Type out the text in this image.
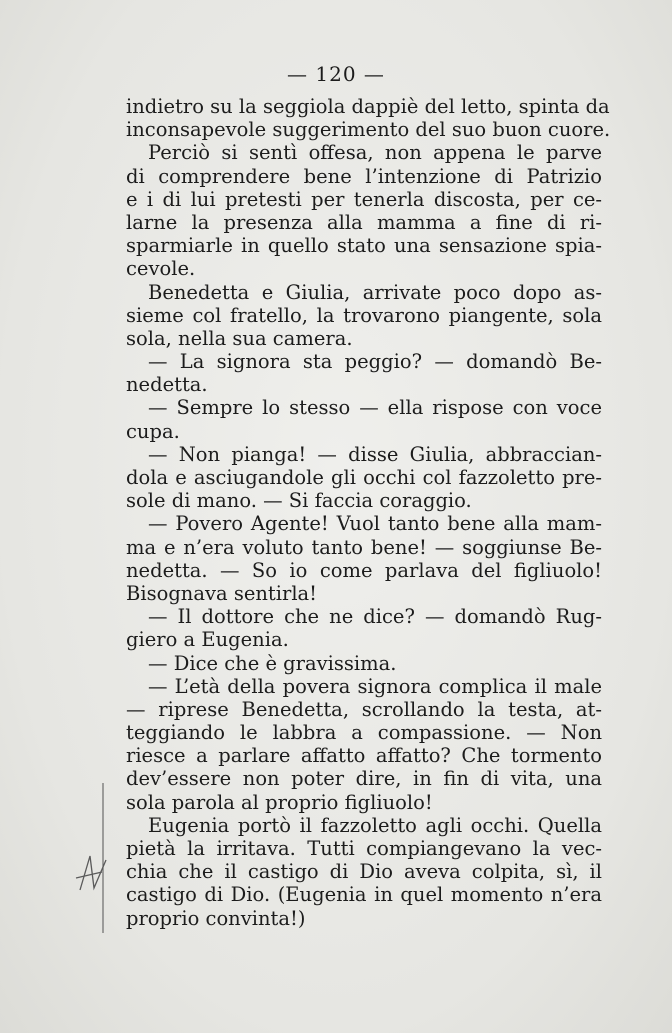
— 120 —
indietro su la seggiola dappiè del letto, spinta da
inconsapevole suggerimento del suo buon cuore.
Perciò si sentì offesa, non appena le parve
di comprendere bene l’intenzione di Patrizio
e i di lui pretesti per tenerla discosta, per ce-
larne la presenza alla mamma a fine di ri-
sparmiarle in quello stato una sensazione spia-
cevole.
Benedetta e Giulia, arrivate poco dopo as-
sieme col fratello, la trovarono piangente, sola
sola, nella sua camera.
— La signora sta peggio? — domandò Be-
nedetta.
— Sempre lo stesso — ella rispose con voce
cupa.
— Non pianga! — disse Giulia, abbraccian-
dola e asciugandole gli occhi col fazzoletto pre-
sole di mano. — Si faccia coraggio.
— Povero Agente! Vuol tanto bene alla mam-
ma e n’era voluto tanto bene! — soggiunse Be-
nedetta. — So io come parlava del figliuolo!
Bisognava sentirla!
— Il dottore che ne dice? — domandò Rug-
giero a Eugenia.
— Dice che è gravissima.
— L’età della povera signora complica il male
— riprese Benedetta, scrollando la testa, at-
teggiando le labbra a compassione. — Non
riesce a parlare affatto affatto? Che tormento
dev’essere non poter dire, in fin di vita, una
sola parola al proprio figliuolo!
Eugenia portò il fazzoletto agli occhi. Quella
pietà la irritava. Tutti compiangevano la vec-
chia che il castigo di Dio aveva colpita, sì, il
castigo di Dio. (Eugenia in quel momento n’era
proprio convinta!)
